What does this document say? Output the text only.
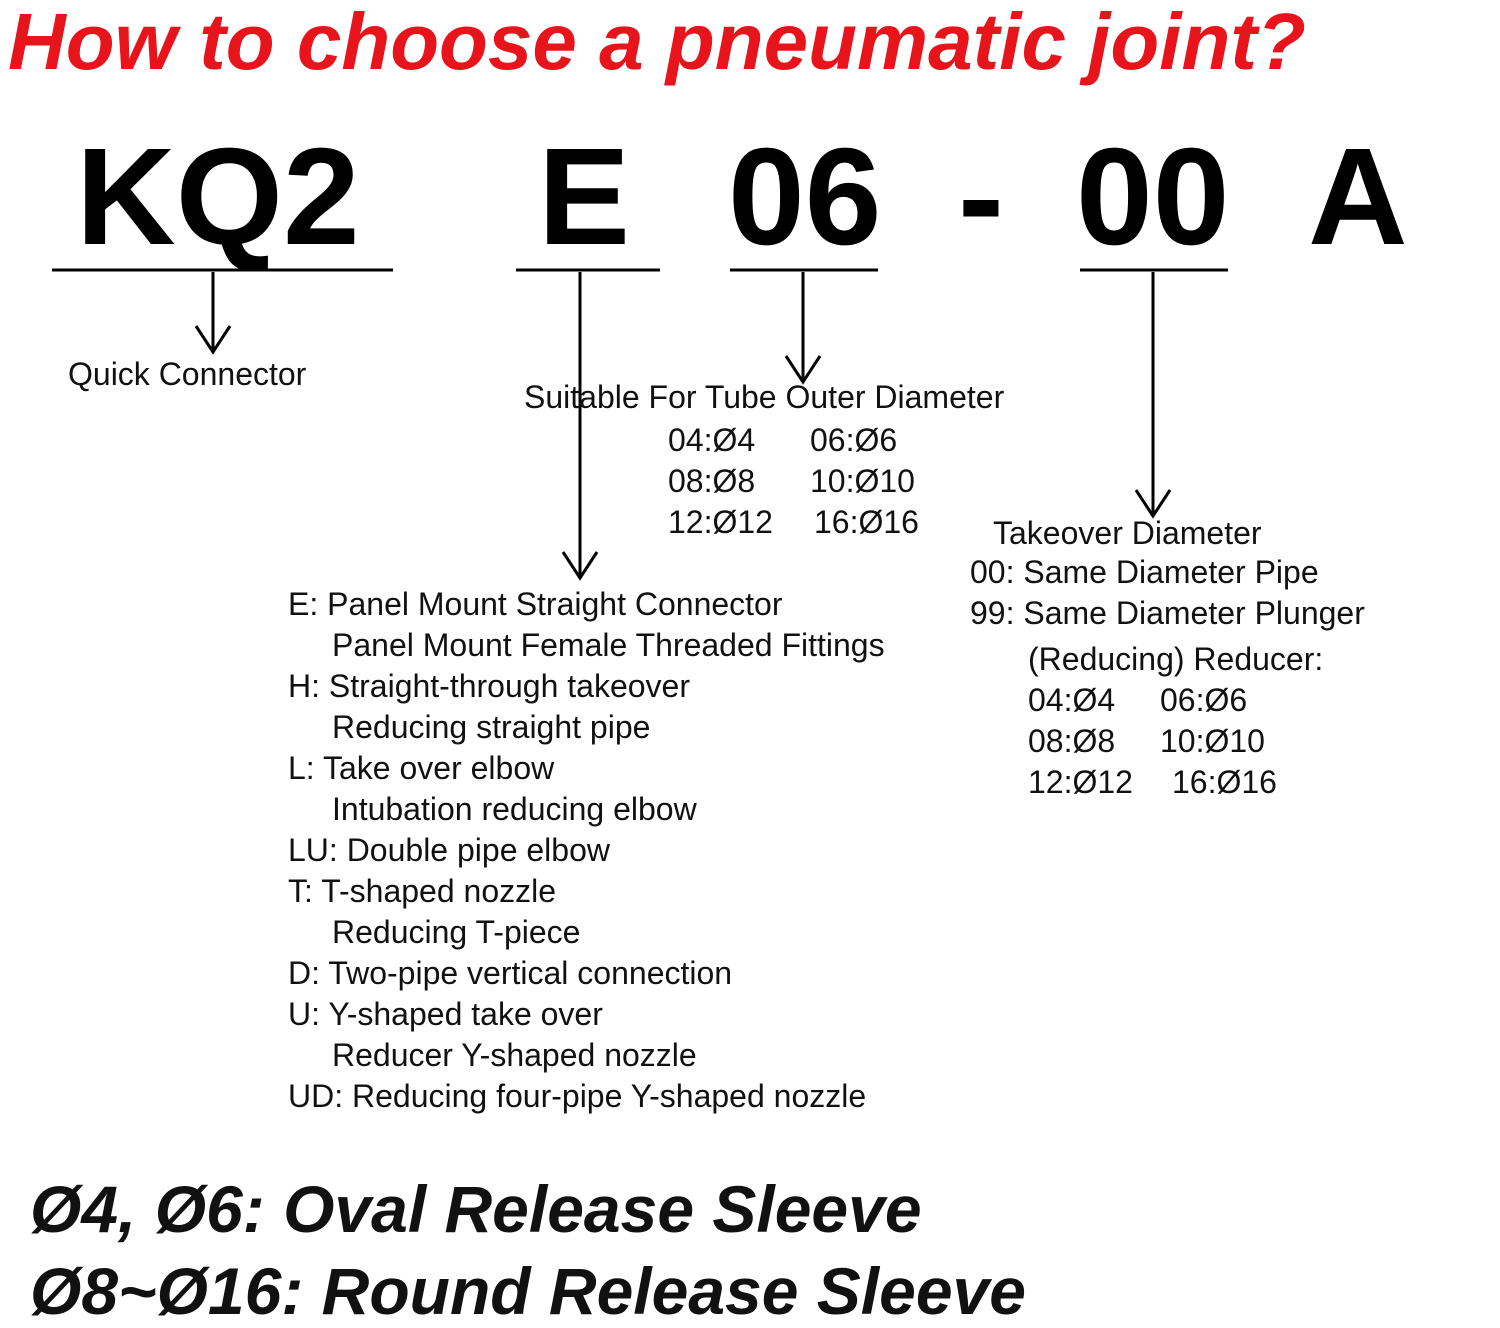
How to choose a pneumatic joint?
KQ2 E 06 - 00 A
Quick Connector
Suitable For Tube Outer Diameter
04:Ø4 06:Ø6
08:Ø8 10:Ø10
12:Ø12 16:Ø16 Takeover Diameter
00: Same Diameter Pipe
99: Same Diameter Plunger
(Reducing) Reducer:
04:Ø4 06:Ø6
08:Ø8 10:Ø10
12:Ø12 16:Ø16
E: Panel Mount Straight Connector
Panel Mount Female Threaded Fittings
H: Straight-through takeover
Reducing straight pipe
L: Take over elbow
Intubation reducing elbow
LU: Double pipe elbow
T: T-shaped nozzle
Reducing T-piece
D: Two-pipe vertical connection
U: Y-shaped take over
Reducer Y-shaped nozzle
UD: Reducing four-pipe Y-shaped nozzle
Ø4, Ø6: Oval Release Sleeve
Ø8~Ø16: Round Release Sleeve
